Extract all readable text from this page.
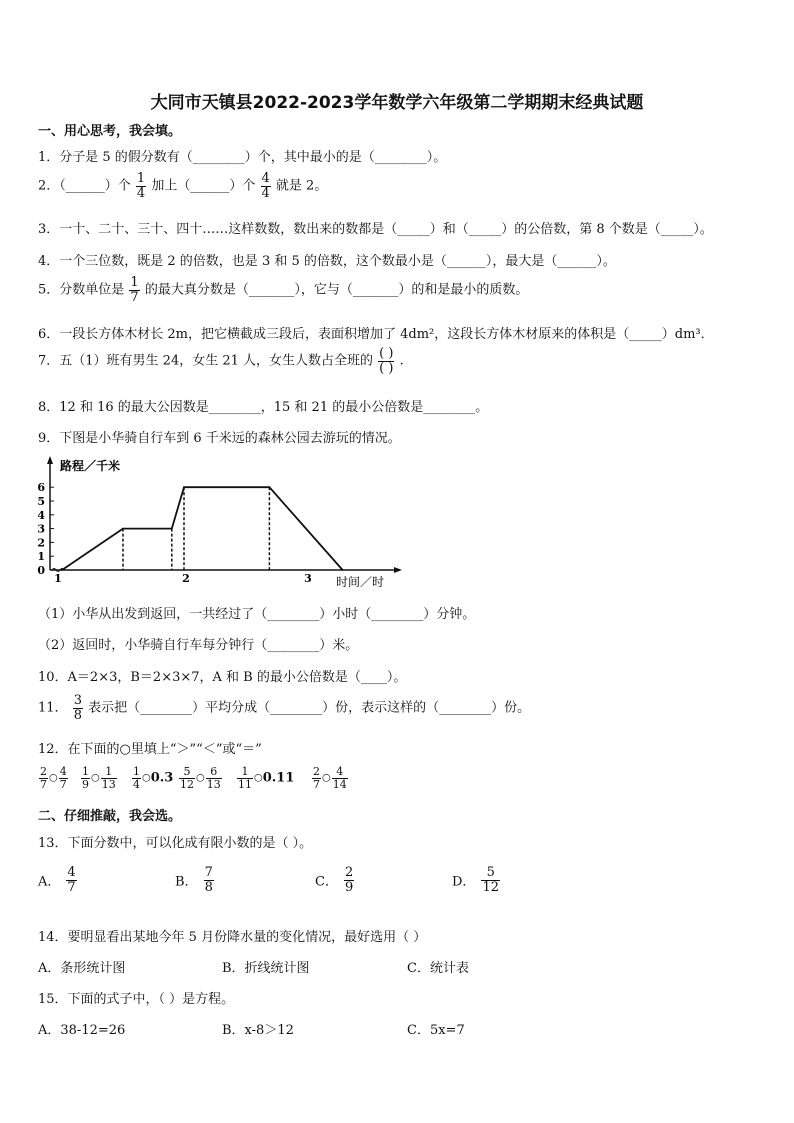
大同市天镇县2022-2023学年数学六年级第二学期期末经典试题
一、用心思考，我会填。
1．分子是 5 的假分数有（________）个，其中最小的是（________）。
2．（______）个 $\frac{1}{4}$ 加上（______）个 $\frac{4}{4}$ 就是 2。
3．一十、二十、三十、四十……这样数数，数出来的数都是（_____）和（_____）的公倍数，第 8 个数是（_____）。
4．一个三位数，既是 2 的倍数，也是 3 和 5 的倍数，这个数最小是（______），最大是（______）。
5．分数单位是 $\frac{1}{7}$ 的最大真分数是（_______），它与（_______）的和是最小的质数。
6．一段长方体木材长 2m，把它横截成三段后，表面积增加了 4dm²，这段长方体木材原来的体积是（_____）dm³．
7．五（1）班有男生 24，女生 21 人，女生人数占全班的 $\frac{( )}{( )}$ .
8．12 和 16 的最大公因数是________，15 和 21 的最小公倍数是________。
9．下图是小华骑自行车到 6 千米远的森林公园去游玩的情况。
0
1
2
3
4
5
6
1	2	3
路程／千米
时间／时
（1）小华从出发到返回，一共经过了（________）小时（________）分钟。
（2）返回时，小华骑自行车每分钟行（________）米。
10．A＝2×3，B＝2×3×7，A 和 B 的最小公倍数是（____）。
11． $\frac{3}{8}$ 表示把（________）平均分成（________）份，表示这样的（________）份。
12．在下面的○里填上“＞”“＜”或“＝”
$\frac{2}{7}$ ○ $\frac{4}{7} \frac{1}{9}$ ○ $\frac{1}{13} \frac{1}{4}$ ○0.3 $\frac{5}{12}$ ○ $\frac{6}{13} \frac{1}{11}$ ○0.11 $\frac{2}{7}$ ○ $\frac{4}{14}$
二、仔细推敲，我会选。
13．下面分数中，可以化成有限小数的是（ ）。
A． $\frac{4}{7}$	B． $\frac{7}{8}$	C． $\frac{2}{9}$	D． $\frac{5}{12}$
14．要明显看出某地今年 5 月份降水量的变化情况，最好选用（ ）
A．条形统计图	B．折线统计图	C．统计表
15．下面的式子中，（ ）是方程。
A．38-12=26	B．x-8＞12	C．5x=7
